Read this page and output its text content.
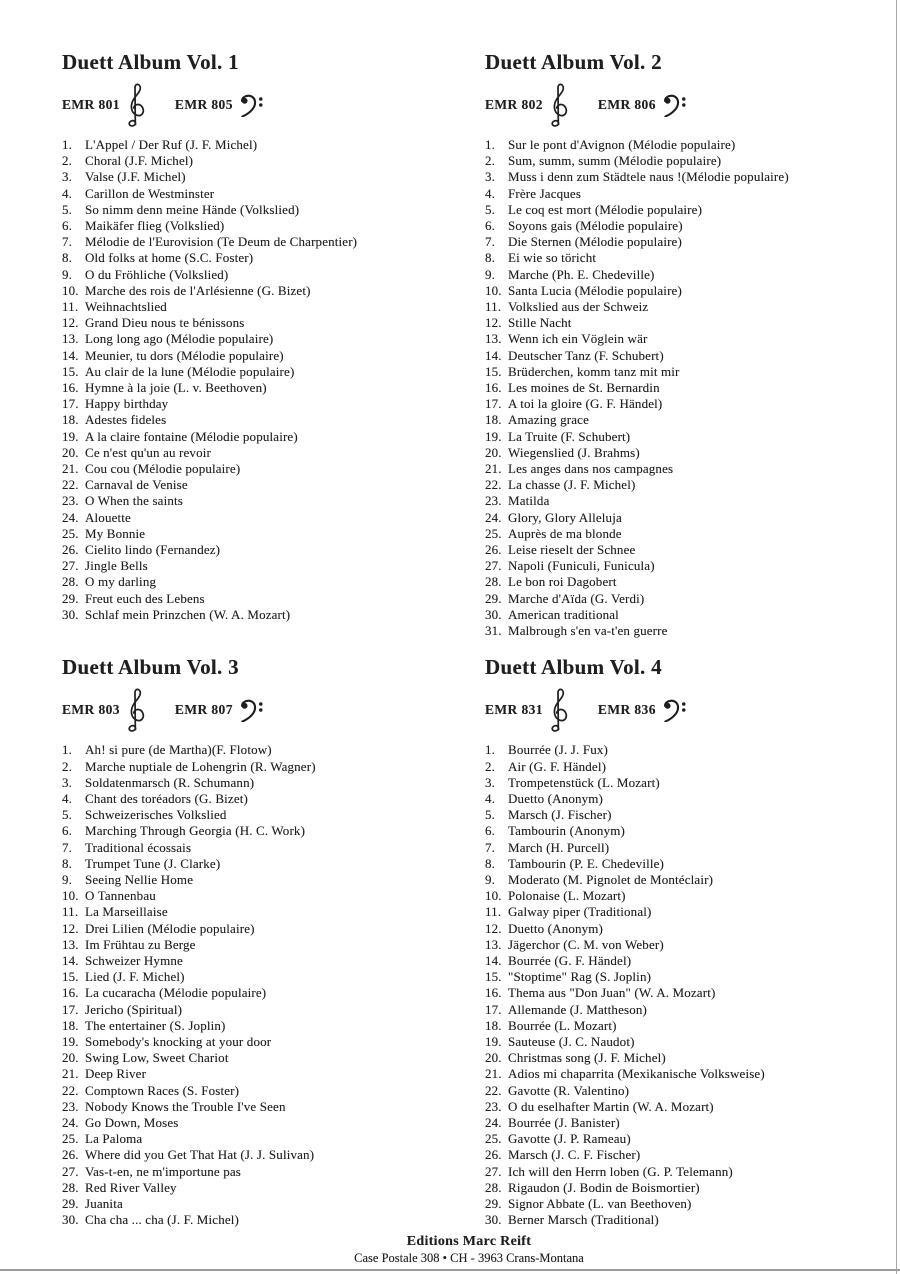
Duett Album Vol. 1
EMR 801	EMR 805
1. L'Appel / Der Ruf (J. F. Michel)
2. Choral (J.F. Michel)
3. Valse (J.F. Michel)
4. Carillon de Westminster
5. So nimm denn meine Hände (Volkslied)
6. Maikäfer flieg (Volkslied)
7. Mélodie de l'Eurovision (Te Deum de Charpentier)
8. Old folks at home (S.C. Foster)
9. O du Fröhliche (Volkslied)
10. Marche des rois de l'Arlésienne (G. Bizet)
11. Weihnachtslied
12. Grand Dieu nous te bénissons
13. Long long ago (Mélodie populaire)
14. Meunier, tu dors (Mélodie populaire)
15. Au clair de la lune (Mélodie populaire)
16. Hymne à la joie (L. v. Beethoven)
17. Happy birthday
18. Adestes fideles
19. A la claire fontaine (Mélodie populaire)
20. Ce n'est qu'un au revoir
21. Cou cou (Mélodie populaire)
22. Carnaval de Venise
23. O When the saints
24. Alouette
25. My Bonnie
26. Cielito lindo (Fernandez)
27. Jingle Bells
28. O my darling
29. Freut euch des Lebens
30. Schlaf mein Prinzchen (W. A. Mozart)
Duett Album Vol. 2
EMR 802	EMR 806
1. Sur le pont d'Avignon (Mélodie populaire)
2. Sum, summ, summ (Mélodie populaire)
3. Muss i denn zum Städtele naus !(Mélodie populaire)
4. Frère Jacques
5. Le coq est mort (Mélodie populaire)
6. Soyons gais (Mélodie populaire)
7. Die Sternen (Mélodie populaire)
8. Ei wie so töricht
9. Marche (Ph. E. Chedeville)
10. Santa Lucia (Mélodie populaire)
11. Volkslied aus der Schweiz
12. Stille Nacht
13. Wenn ich ein Vöglein wär
14. Deutscher Tanz (F. Schubert)
15. Brüderchen, komm tanz mit mir
16. Les moines de St. Bernardin
17. A toi la gloire (G. F. Händel)
18. Amazing grace
19. La Truite (F. Schubert)
20. Wiegenslied (J. Brahms)
21. Les anges dans nos campagnes
22. La chasse (J. F. Michel)
23. Matilda
24. Glory, Glory Alleluja
25. Auprès de ma blonde
26. Leise rieselt der Schnee
27. Napoli (Funiculi, Funicula)
28. Le bon roi Dagobert
29. Marche d'Aïda (G. Verdi)
30. American traditional
31. Malbrough s'en va-t'en guerre
Duett Album Vol. 3
EMR 803	EMR 807
1. Ah! si pure (de Martha)(F. Flotow)
2. Marche nuptiale de Lohengrin (R. Wagner)
3. Soldatenmarsch (R. Schumann)
4. Chant des toréadors (G. Bizet)
5. Schweizerisches Volkslied
6. Marching Through Georgia (H. C. Work)
7. Traditional écossais
8. Trumpet Tune (J. Clarke)
9. Seeing Nellie Home
10. O Tannenbau
11. La Marseillaise
12. Drei Lilien (Mélodie populaire)
13. Im Frühtau zu Berge
14. Schweizer Hymne
15. Lied (J. F. Michel)
16. La cucaracha (Mélodie populaire)
17. Jericho (Spiritual)
18. The entertainer (S. Joplin)
19. Somebody's knocking at your door
20. Swing Low, Sweet Chariot
21. Deep River
22. Comptown Races (S. Foster)
23. Nobody Knows the Trouble I've Seen
24. Go Down, Moses
25. La Paloma
26. Where did you Get That Hat (J. J. Sulivan)
27. Vas-t-en, ne m'importune pas
28. Red River Valley
29. Juanita
30. Cha cha ... cha (J. F. Michel)
Duett Album Vol. 4
EMR 831	EMR 836
1. Bourrée (J. J. Fux)
2. Air (G. F. Händel)
3. Trompetenstück (L. Mozart)
4. Duetto (Anonym)
5. Marsch (J. Fischer)
6. Tambourin (Anonym)
7. March (H. Purcell)
8. Tambourin (P. E. Chedeville)
9. Moderato (M. Pignolet de Montéclair)
10. Polonaise (L. Mozart)
11. Galway piper (Traditional)
12. Duetto (Anonym)
13. Jägerchor (C. M. von Weber)
14. Bourrée (G. F. Händel)
15. "Stoptime" Rag (S. Joplin)
16. Thema aus "Don Juan" (W. A. Mozart)
17. Allemande (J. Mattheson)
18. Bourrée (L. Mozart)
19. Sauteuse (J. C. Naudot)
20. Christmas song (J. F. Michel)
21. Adios mi chaparrita (Mexikanische Volksweise)
22. Gavotte (R. Valentino)
23. O du eselhafter Martin (W. A. Mozart)
24. Bourrée (J. Banister)
25. Gavotte (J. P. Rameau)
26. Marsch (J. C. F. Fischer)
27. Ich will den Herrn loben (G. P. Telemann)
28. Rigaudon (J. Bodin de Boismortier)
29. Signor Abbate (L. van Beethoven)
30. Berner Marsch (Traditional)
Editions Marc Reift
Case Postale 308 • CH - 3963 Crans-Montana
